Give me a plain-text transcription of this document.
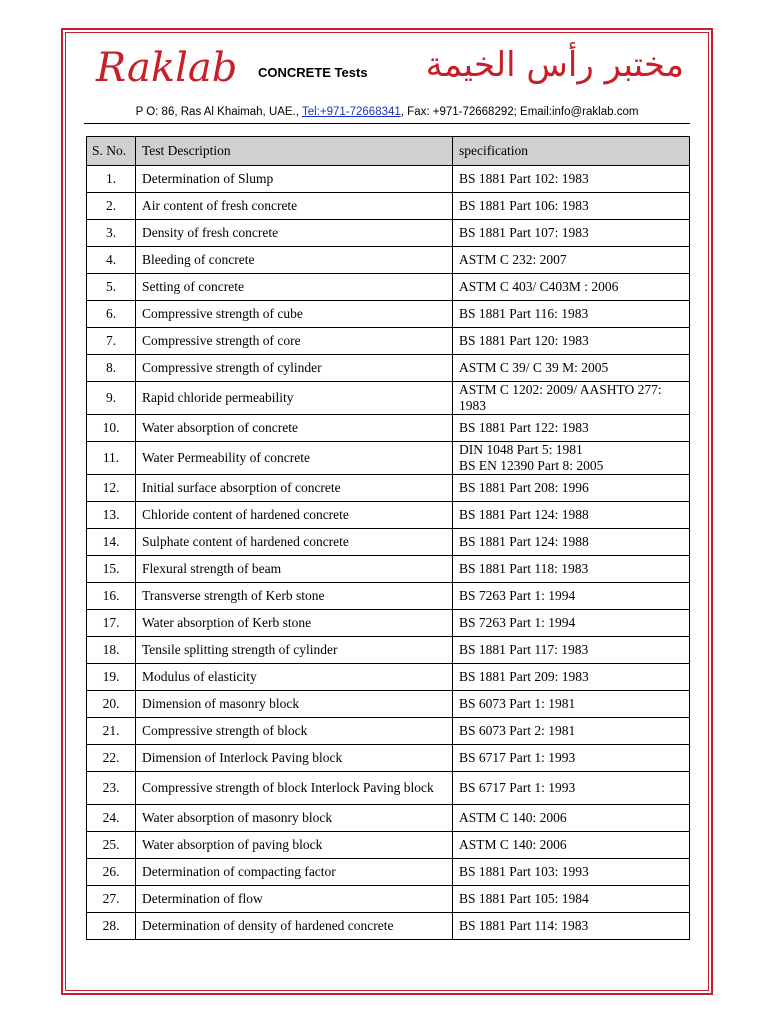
Raklab CONCRETE Tests مختبر رأس الخيمة
P O: 86, Ras Al Khaimah, UAE., Tel:+971-72668341, Fax: +971-72668292; Email:info@raklab.com
S. No.	Test Description	specification
1.	Determination of Slump	BS 1881 Part 102: 1983
2.	Air content of fresh concrete	BS 1881 Part 106: 1983
3.	Density of fresh concrete	BS 1881 Part 107: 1983
4.	Bleeding of concrete	ASTM C 232: 2007
5.	Setting of concrete	ASTM C 403/ C403M : 2006
6.	Compressive strength of cube	BS 1881 Part 116: 1983
7.	Compressive strength of core	BS 1881 Part 120: 1983
8.	Compressive strength of cylinder	ASTM C 39/ C 39 M: 2005
9.	Rapid chloride permeability	ASTM C 1202: 2009/ AASHTO 277: 1983
10.	Water absorption of concrete	BS 1881 Part 122: 1983
11.	Water Permeability of concrete	DIN 1048 Part 5: 1981
BS EN 12390 Part 8: 2005

12.	Initial surface absorption of concrete	BS 1881 Part 208: 1996
13.	Chloride content of hardened concrete	BS 1881 Part 124: 1988
14.	Sulphate content of hardened concrete	BS 1881 Part 124: 1988
15.	Flexural strength of beam	BS 1881 Part 118: 1983
16.	Transverse strength of Kerb stone	BS 7263 Part 1: 1994
17.	Water absorption of Kerb stone	BS 7263 Part 1: 1994
18.	Tensile splitting strength of cylinder	BS 1881 Part 117: 1983
19.	Modulus of elasticity	BS 1881 Part 209: 1983
20.	Dimension of masonry block	BS 6073 Part 1: 1981
21.	Compressive strength of block	BS 6073 Part 2: 1981
22.	Dimension of Interlock Paving block	BS 6717 Part 1: 1993
23.	Compressive strength of block Interlock Paving block	BS 6717 Part 1: 1993
24.	Water absorption of masonry block	ASTM C 140: 2006
25.	Water absorption of paving block	ASTM C 140: 2006
26.	Determination of compacting factor	BS 1881 Part 103: 1993
27.	Determination of flow	BS 1881 Part 105: 1984
28.	Determination of density of hardened concrete	BS 1881 Part 114: 1983
